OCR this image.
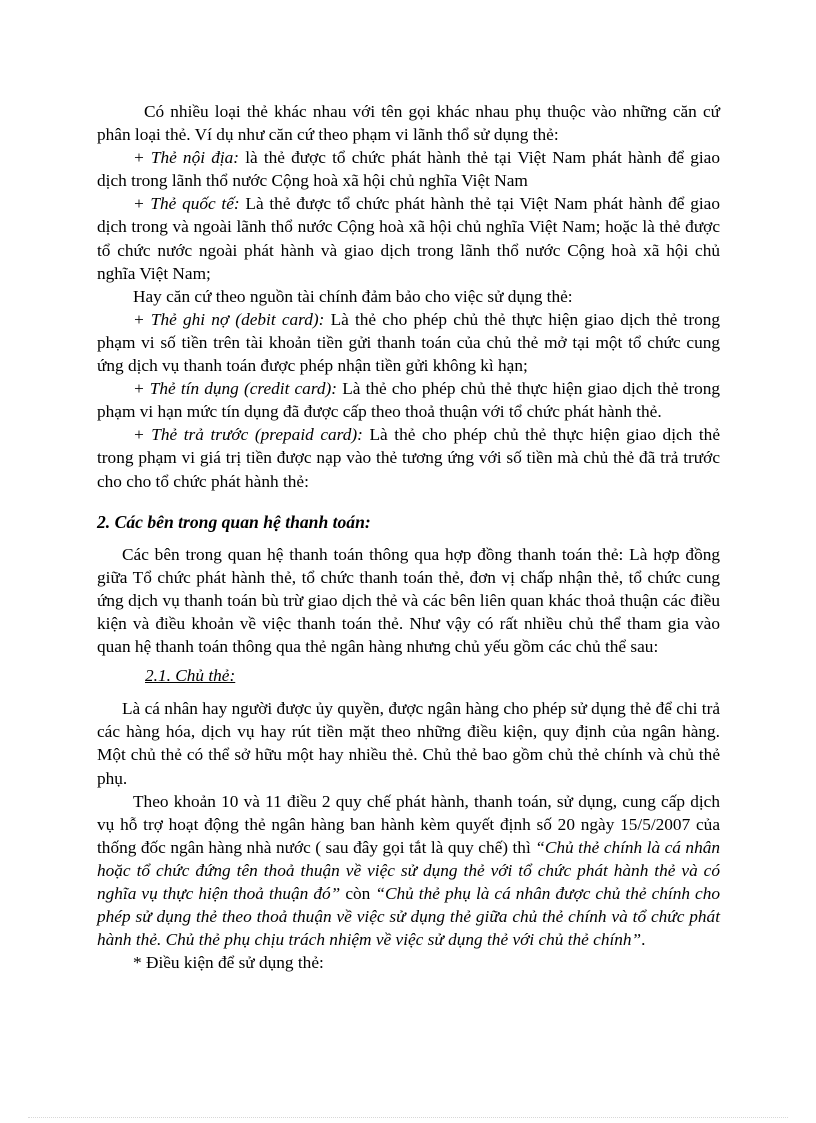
Có nhiều loại thẻ khác nhau với tên gọi khác nhau phụ thuộc vào những căn cứ phân loại thẻ. Ví dụ như căn cứ theo phạm vi lãnh thổ sử dụng thẻ:

+ Thẻ nội địa: là thẻ được tổ chức phát hành thẻ tại Việt Nam phát hành để giao dịch trong lãnh thổ nước Cộng hoà xã hội chủ nghĩa Việt Nam

+ Thẻ quốc tế: Là thẻ được tổ chức phát hành thẻ tại Việt Nam phát hành để giao dịch trong và ngoài lãnh thổ nước Cộng hoà xã hội chủ nghĩa Việt Nam; hoặc là thẻ được tổ chức nước ngoài phát hành và giao dịch trong lãnh thổ nước Cộng hoà xã hội chủ nghĩa Việt Nam;

Hay căn cứ theo nguồn tài chính đảm bảo cho việc sử dụng thẻ:

+ Thẻ ghi nợ (debit card): Là thẻ cho phép chủ thẻ thực hiện giao dịch thẻ trong phạm vi số tiền trên tài khoản tiền gửi thanh toán của chủ thẻ mở tại một tổ chức cung ứng dịch vụ thanh toán được phép nhận tiền gửi không kì hạn;

+ Thẻ tín dụng (credit card): Là thẻ cho phép chủ thẻ thực hiện giao dịch thẻ trong phạm vi hạn mức tín dụng đã được cấp theo thoả thuận với tổ chức phát hành thẻ.

+ Thẻ trả trước (prepaid card): Là thẻ cho phép chủ thẻ thực hiện giao dịch thẻ trong phạm vi giá trị tiền được nạp vào thẻ tương ứng với số tiền mà chủ thẻ đã trả trước cho cho tổ chức phát hành thẻ:

2. Các bên trong quan hệ thanh toán:

Các bên trong quan hệ thanh toán thông qua hợp đồng thanh toán thẻ: Là hợp đồng giữa Tổ chức phát hành thẻ, tổ chức thanh toán thẻ, đơn vị chấp nhận thẻ, tổ chức cung ứng dịch vụ thanh toán bù trừ giao dịch thẻ và các bên liên quan khác thoả thuận các điều kiện và điều khoản về việc thanh toán thẻ. Như vậy có rất nhiều chủ thể tham gia vào quan hệ thanh toán thông qua thẻ ngân hàng nhưng chủ yếu gồm các chủ thể sau:

2.1. Chủ thẻ:

Là cá nhân hay người được ủy quyền, được ngân hàng cho phép sử dụng thẻ để chi trả các hàng hóa, dịch vụ hay rút tiền mặt theo những điều kiện, quy định của ngân hàng. Một chủ thẻ có thể sở hữu một hay nhiều thẻ. Chủ thẻ bao gồm chủ thẻ chính và chủ thẻ phụ.

Theo khoản 10 và 11 điều 2 quy chế phát hành, thanh toán, sử dụng, cung cấp dịch vụ hỗ trợ hoạt động thẻ ngân hàng ban hành kèm quyết định số 20 ngày 15/5/2007 của thống đốc ngân hàng nhà nước ( sau đây gọi tắt là quy chế) thì “Chủ thẻ chính là cá nhân hoặc tổ chức đứng tên thoả thuận về việc sử dụng thẻ với tổ chức phát hành thẻ và có nghĩa vụ thực hiện thoả thuận đó” còn “Chủ thẻ phụ là cá nhân được chủ thẻ chính cho phép sử dụng thẻ theo thoả thuận về việc sử dụng thẻ giữa chủ thẻ chính và tổ chức phát hành thẻ. Chủ thẻ phụ chịu trách nhiệm về việc sử dụng thẻ với chủ thẻ chính”.

* Điều kiện để sử dụng thẻ:
